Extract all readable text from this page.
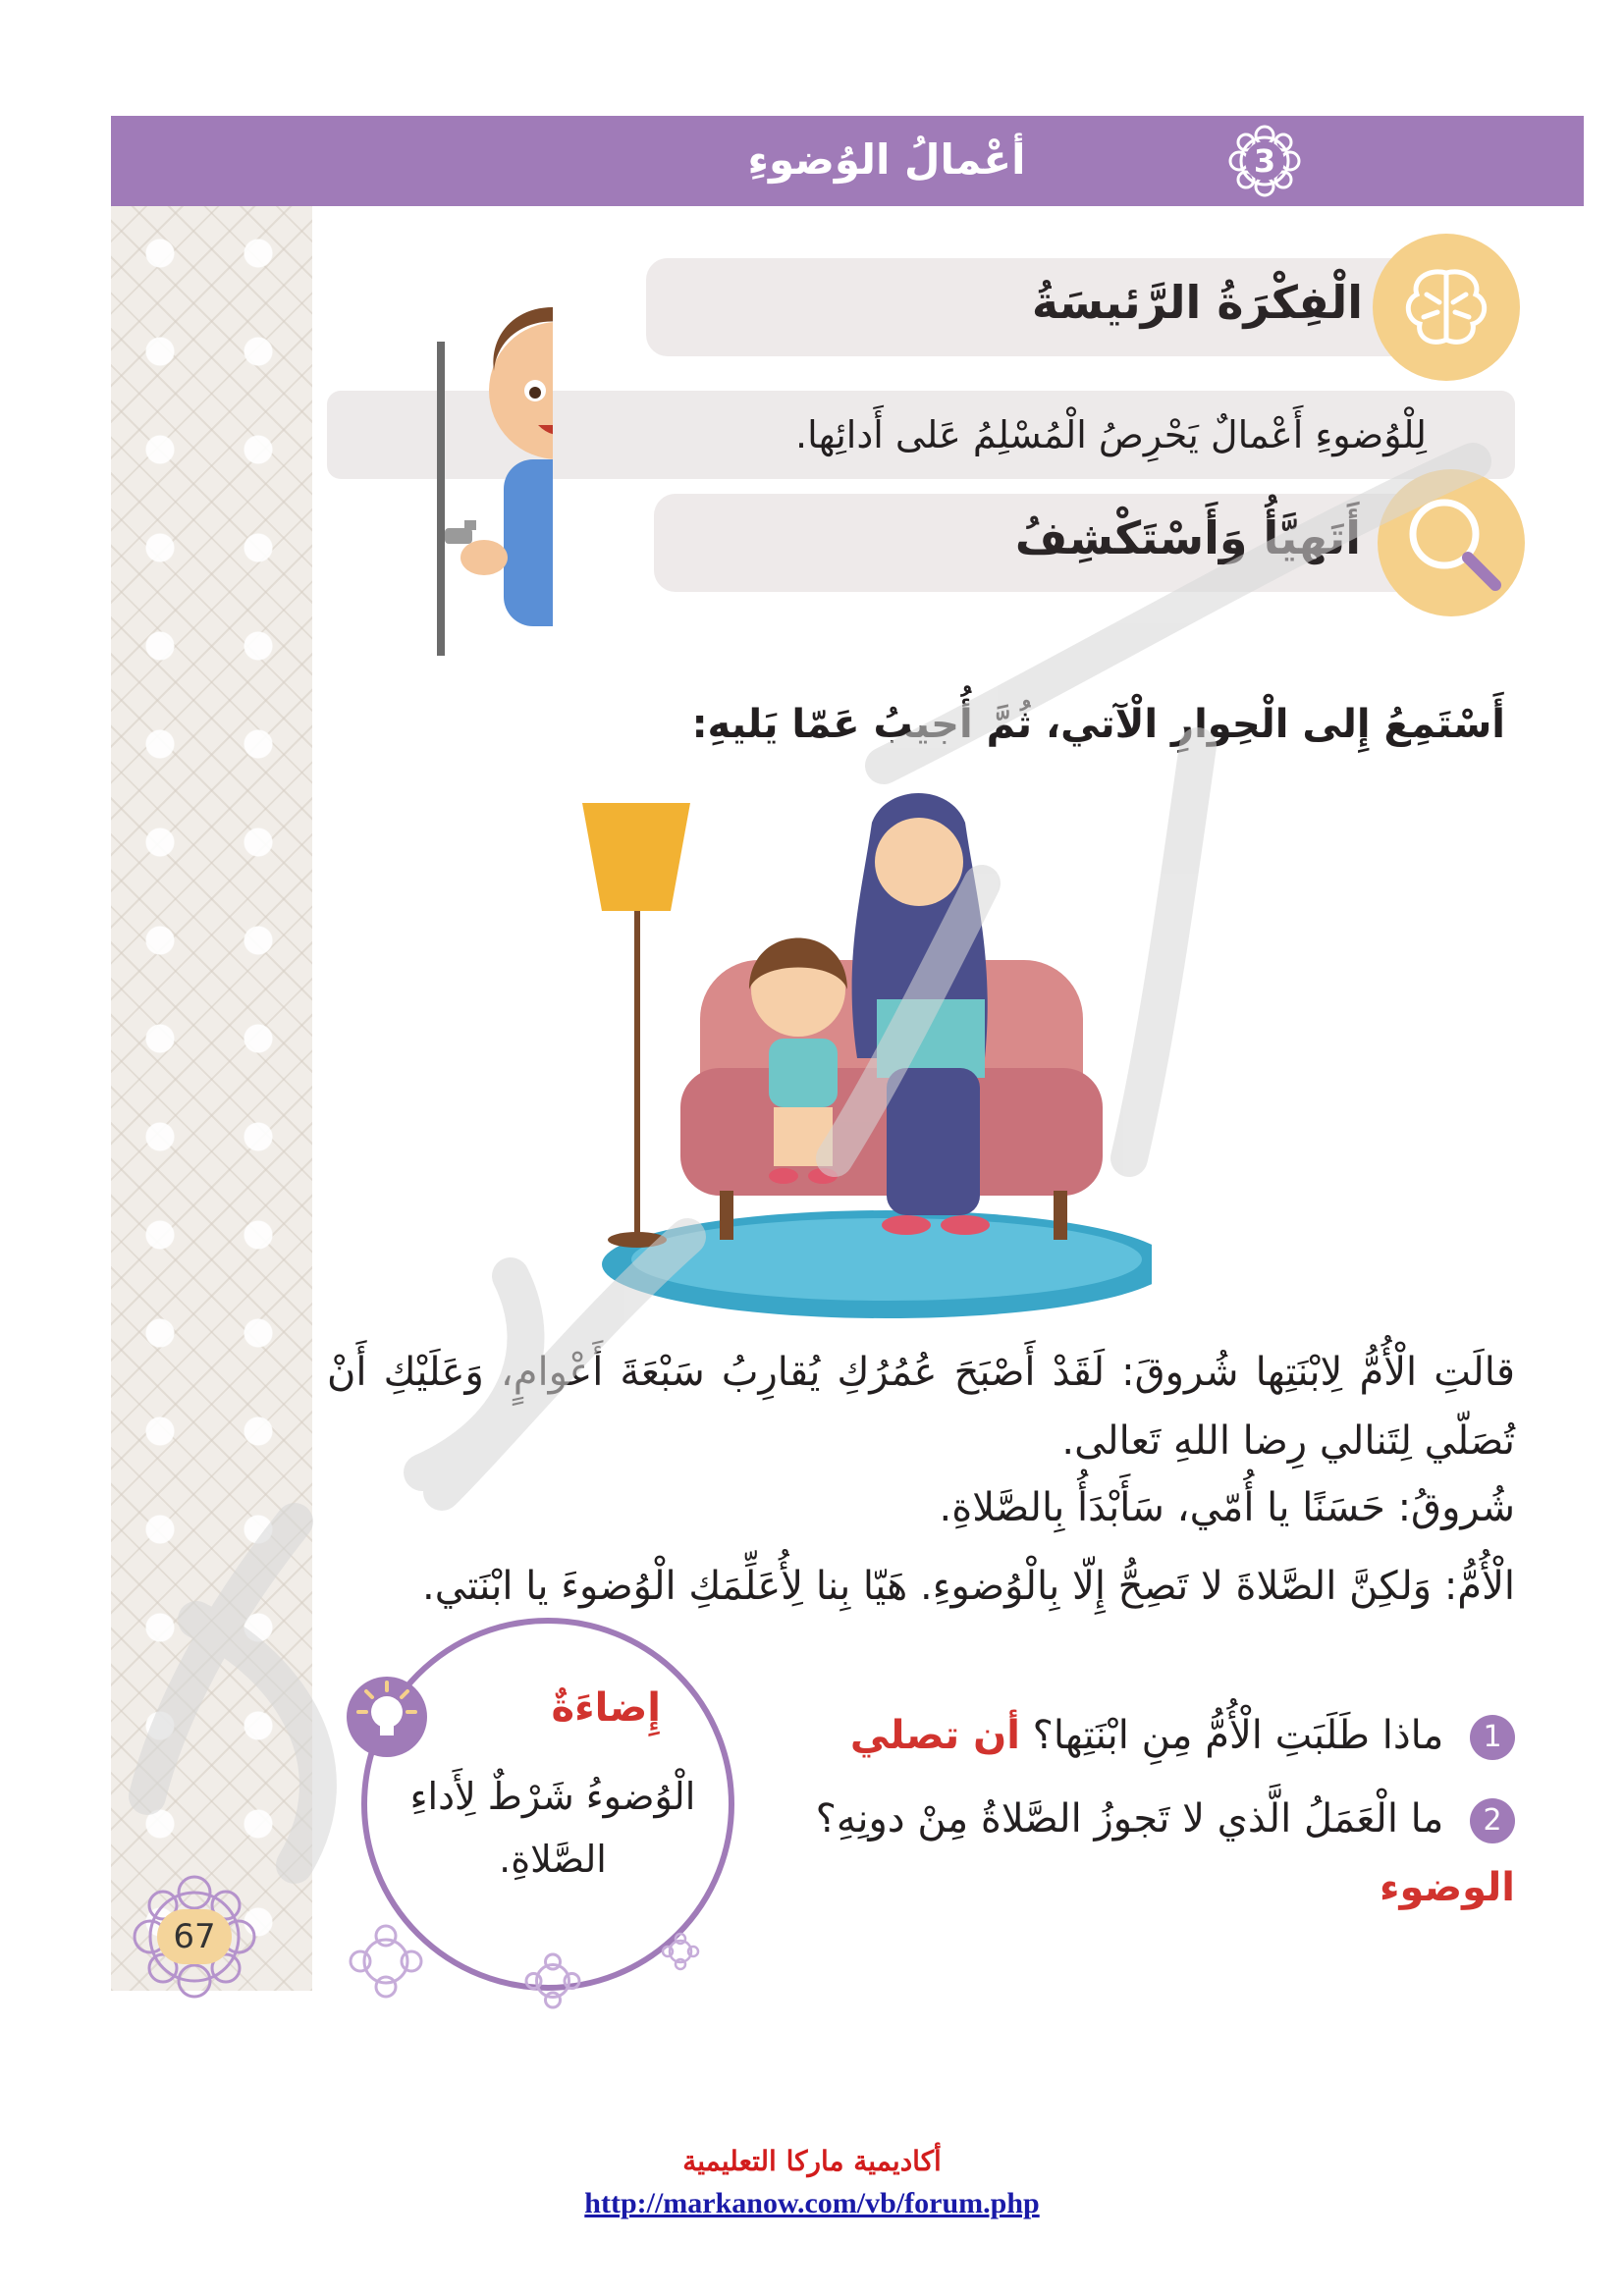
3
أعْمالُ الوُضوءِ
الْفِكْرَةُ الرَّئيسَةُ
لِلْوُضوءِ أَعْمالٌ يَحْرِصُ الْمُسْلِمُ عَلى أَدائِها.
أَتَهيَّأُ وَأَسْتَكْشِفُ
أَسْتَمِعُ إِلى الْحِوارِ الْآتي، ثُمَّ أُجيبُ عَمّا يَليهِ:
قالَتِ الْأُمُّ لِابْنَتِها شُروقَ: لَقَدْ أَصْبَحَ عُمُرُكِ يُقارِبُ سَبْعَةَ أَعْوامٍ، وَعَلَيْكِ أَنْ تُصَلّي لِتَنالي رِضا اللهِ تَعالى.
شُروقُ: حَسَنًا يا أُمّي، سَأَبْدَأُ بِالصَّلاةِ.
الْأُمُّ: وَلكِنَّ الصَّلاةَ لا تَصِحُّ إِلّا بِالْوُضوءِ. هَيّا بِنا لِأُعَلِّمَكِ الْوُضوءَ يا ابْنَتي.
إِضاءَةٌ
الْوُضوءُ شَرْطٌ لِأَداءِ الصَّلاةِ.
1 ماذا طَلَبَتِ الْأُمُّ مِنِ ابْنَتِها؟ أن تصلي
2 ما الْعَمَلُ الَّذي لا تَجوزُ الصَّلاةُ مِنْ دونِهِ؟ الوضوء
67
أكاديمية ماركا التعليمية
http://markanow.com/vb/forum.php
